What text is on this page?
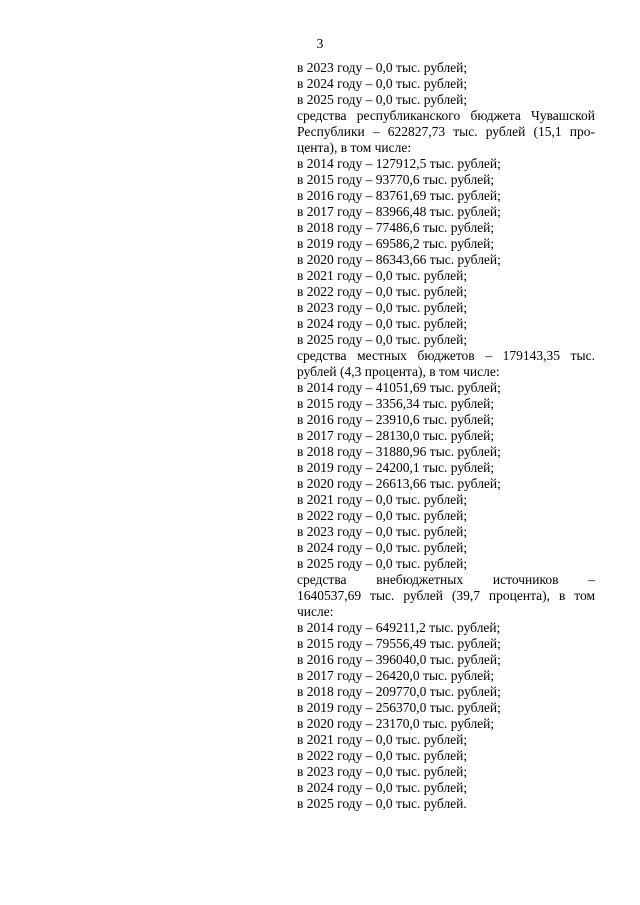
3
в 2023 году – 0,0 тыс. рублей;
в 2024 году – 0,0 тыс. рублей;
в 2025 году – 0,0 тыс. рублей;
средства республиканского бюджета Чувашской
Республики – 622827,73 тыс. рублей (15,1 про-
цента), в том числе:
в 2014 году – 127912,5 тыс. рублей;
в 2015 году – 93770,6 тыс. рублей;
в 2016 году – 83761,69 тыс. рублей;
в 2017 году – 83966,48 тыс. рублей;
в 2018 году – 77486,6 тыс. рублей;
в 2019 году – 69586,2 тыс. рублей;
в 2020 году – 86343,66 тыс. рублей;
в 2021 году – 0,0 тыс. рублей;
в 2022 году – 0,0 тыс. рублей;
в 2023 году – 0,0 тыс. рублей;
в 2024 году – 0,0 тыс. рублей;
в 2025 году – 0,0 тыс. рублей;
средства местных бюджетов – 179143,35 тыс.
рублей (4,3 процента), в том числе:
в 2014 году – 41051,69 тыс. рублей;
в 2015 году – 3356,34 тыс. рублей;
в 2016 году – 23910,6 тыс. рублей;
в 2017 году – 28130,0 тыс. рублей;
в 2018 году – 31880,96 тыс. рублей;
в 2019 году – 24200,1 тыс. рублей;
в 2020 году – 26613,66 тыс. рублей;
в 2021 году – 0,0 тыс. рублей;
в 2022 году – 0,0 тыс. рублей;
в 2023 году – 0,0 тыс. рублей;
в 2024 году – 0,0 тыс. рублей;
в 2025 году – 0,0 тыс. рублей;
средства внебюджетных источников –
1640537,69 тыс. рублей (39,7 процента), в том
числе:
в 2014 году – 649211,2 тыс. рублей;
в 2015 году – 79556,49 тыс. рублей;
в 2016 году – 396040,0 тыс. рублей;
в 2017 году – 26420,0 тыс. рублей;
в 2018 году – 209770,0 тыс. рублей;
в 2019 году – 256370,0 тыс. рублей;
в 2020 году – 23170,0 тыс. рублей;
в 2021 году – 0,0 тыс. рублей;
в 2022 году – 0,0 тыс. рублей;
в 2023 году – 0,0 тыс. рублей;
в 2024 году – 0,0 тыс. рублей;
в 2025 году – 0,0 тыс. рублей.
